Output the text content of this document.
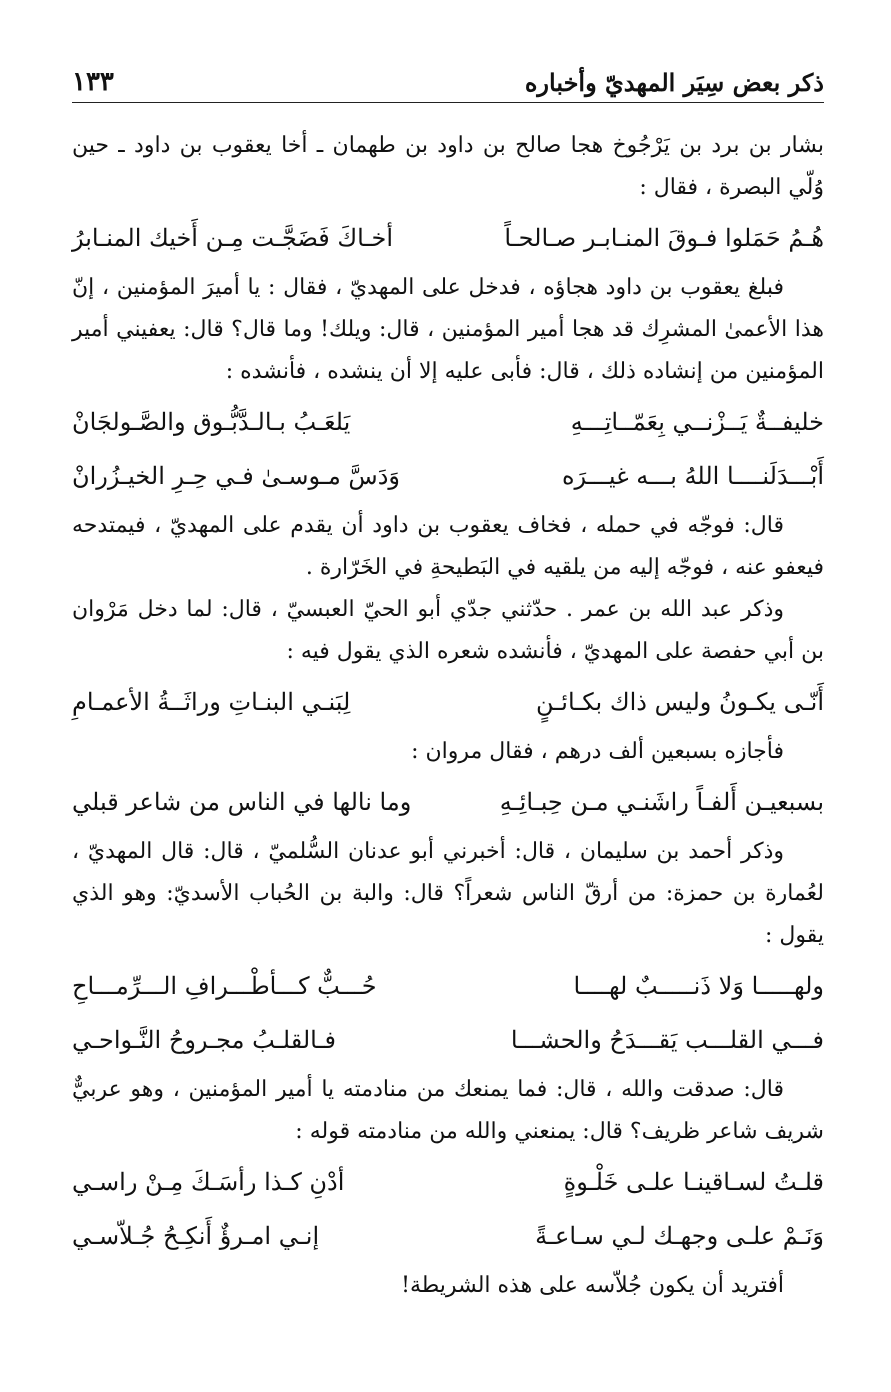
ذكر بعض سِيَر المهديّ وأخباره
١٣٣

بشار بن برد بن يَرْجُوخ هجا صالح بن داود بن طهمان ـ أخا يعقوب بن داود ـ حين وُلّي البصرة ، فقال :

هُـمُ حَمَلوا فـوقَ المنـابـر صـالحـاً
أخـاكَ فَضَجَّـت مِـن أَخيك المنـابرُ

فبلغ يعقوب بن داود هجاؤه ، فدخل على المهديّ ، فقال : يا أميرَ المؤمنين ، إنّ هذا الأعمىٰ المشرِك قد هجا أمير المؤمنين ، قال: ويلك! وما قال؟ قال: يعفيني أمير المؤمنين من إنشاده ذلك ، قال: فأبى عليه إلا أن ينشده ، فأنشده :

خليفــةٌ يَــزْنــي بِعَمّــاتِـــهِ
يَلعَـبُ بـالـدَّبُّـوق والصَّـولجَانْ
أَبْـــدَلَنــــا اللهُ بـــه غيـــرَه
وَدَسَّ مـوسـىٰ فـي حِـرِ الخيـزُرانْ

قال: فوجّه في حمله ، فخاف يعقوب بن داود أن يقدم على المهديّ ، فيمتدحه فيعفو عنه ، فوجّه إليه من يلقيه في البَطيحةِ في الخَرّارة .

وذكر عبد الله بن عمر . حدّثني جدّي أبو الحيّ العبسيّ ، قال: لما دخل مَرْوان بن أبي حفصة على المهديّ ، فأنشده شعره الذي يقول فيه :

أَنّـى يكـونُ وليس ذاك بكـائـنٍ
لِبَنـي البنـاتِ وراثَــةُ الأعمـامِ

فأجازه بسبعين ألف درهم ، فقال مروان :

بسبعيـن أَلفـاً راشَنـي مـن حِبـائِـهِ
وما نالها في الناس من شاعر قبلي

وذكر أحمد بن سليمان ، قال: أخبرني أبو عدنان السُّلميّ ، قال: قال المهديّ ، لعُمارة بن حمزة: من أرقّ الناس شعراً؟ قال: والبة بن الحُباب الأسديّ: وهو الذي يقول :

ولهـــــا وَلا ذَنـــــبٌ لهــــا
حُـــبٌّ كـــأطْـــرافِ الـــرِّمـــاحِ
فـــي القلـــب يَقـــدَحُ والحشـــا
فـالقلـبُ مجـروحُ النَّـواحـي

قال: صدقت والله ، قال: فما يمنعك من منادمته يا أمير المؤمنين ، وهو عربيٌّ شريف شاعر ظريف؟ قال: يمنعني والله من منادمته قوله :

قلـتُ لسـاقينـا علـى خَلْـوةٍ
أدْنِ كـذا رأسَـكَ مِـنْ راسـي
وَنَـمْ علـى وجهـك لـي سـاعـةً
إنـي امـرؤٌ أَنكِـحُ جُـلاّسـي

أفتريد أن يكون جُلاّسه على هذه الشريطة!
